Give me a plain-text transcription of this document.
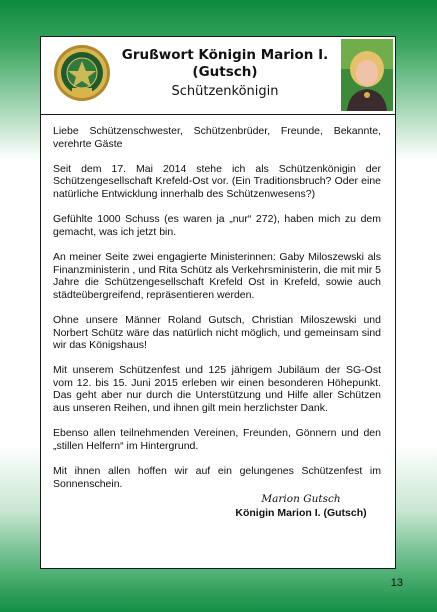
Grußwort Königin Marion I.
(Gutsch)
Schützenkönigin

Liebe Schützenschwester, Schützenbrüder, Freunde, Bekannte, verehrte Gäste

Seit dem 17. Mai 2014 stehe ich als Schützenkönigin der Schützengesellschaft Krefeld-Ost vor. (Ein Traditionsbruch? Oder eine natürliche Entwicklung innerhalb des Schützenwesens?)

Gefühlte 1000 Schuss (es waren ja „nur“ 272), haben mich zu dem gemacht, was ich jetzt bin.

An meiner Seite zwei engagierte Ministerinnen: Gaby Miloszewski als Finanzministerin , und Rita Schütz als Verkehrsministerin, die mit mir 5 Jahre die Schützengesellschaft Krefeld Ost in Krefeld, sowie auch städteübergreifend, repräsentieren werden.

Ohne unsere Männer Roland Gutsch, Christian Miloszewski und Norbert Schütz wäre das natürlich nicht möglich, und gemeinsam sind wir das Königshaus!

Mit unserem Schützenfest und 125 jährigem Jubiläum der SG-Ost vom 12. bis 15. Juni 2015 erleben wir einen besonderen Höhepunkt. Das geht aber nur durch die Unterstützung und Hilfe aller Schützen aus unseren Reihen, und ihnen gilt mein herzlichster Dank.

Ebenso allen teilnehmenden Vereinen, Freunden, Gönnern und den „stillen Helfern“ im Hintergrund.

Mit ihnen allen hoffen wir auf ein gelungenes Schützenfest im Sonnenschein.

Marion Gutsch
Königin Marion I. (Gutsch)
13
